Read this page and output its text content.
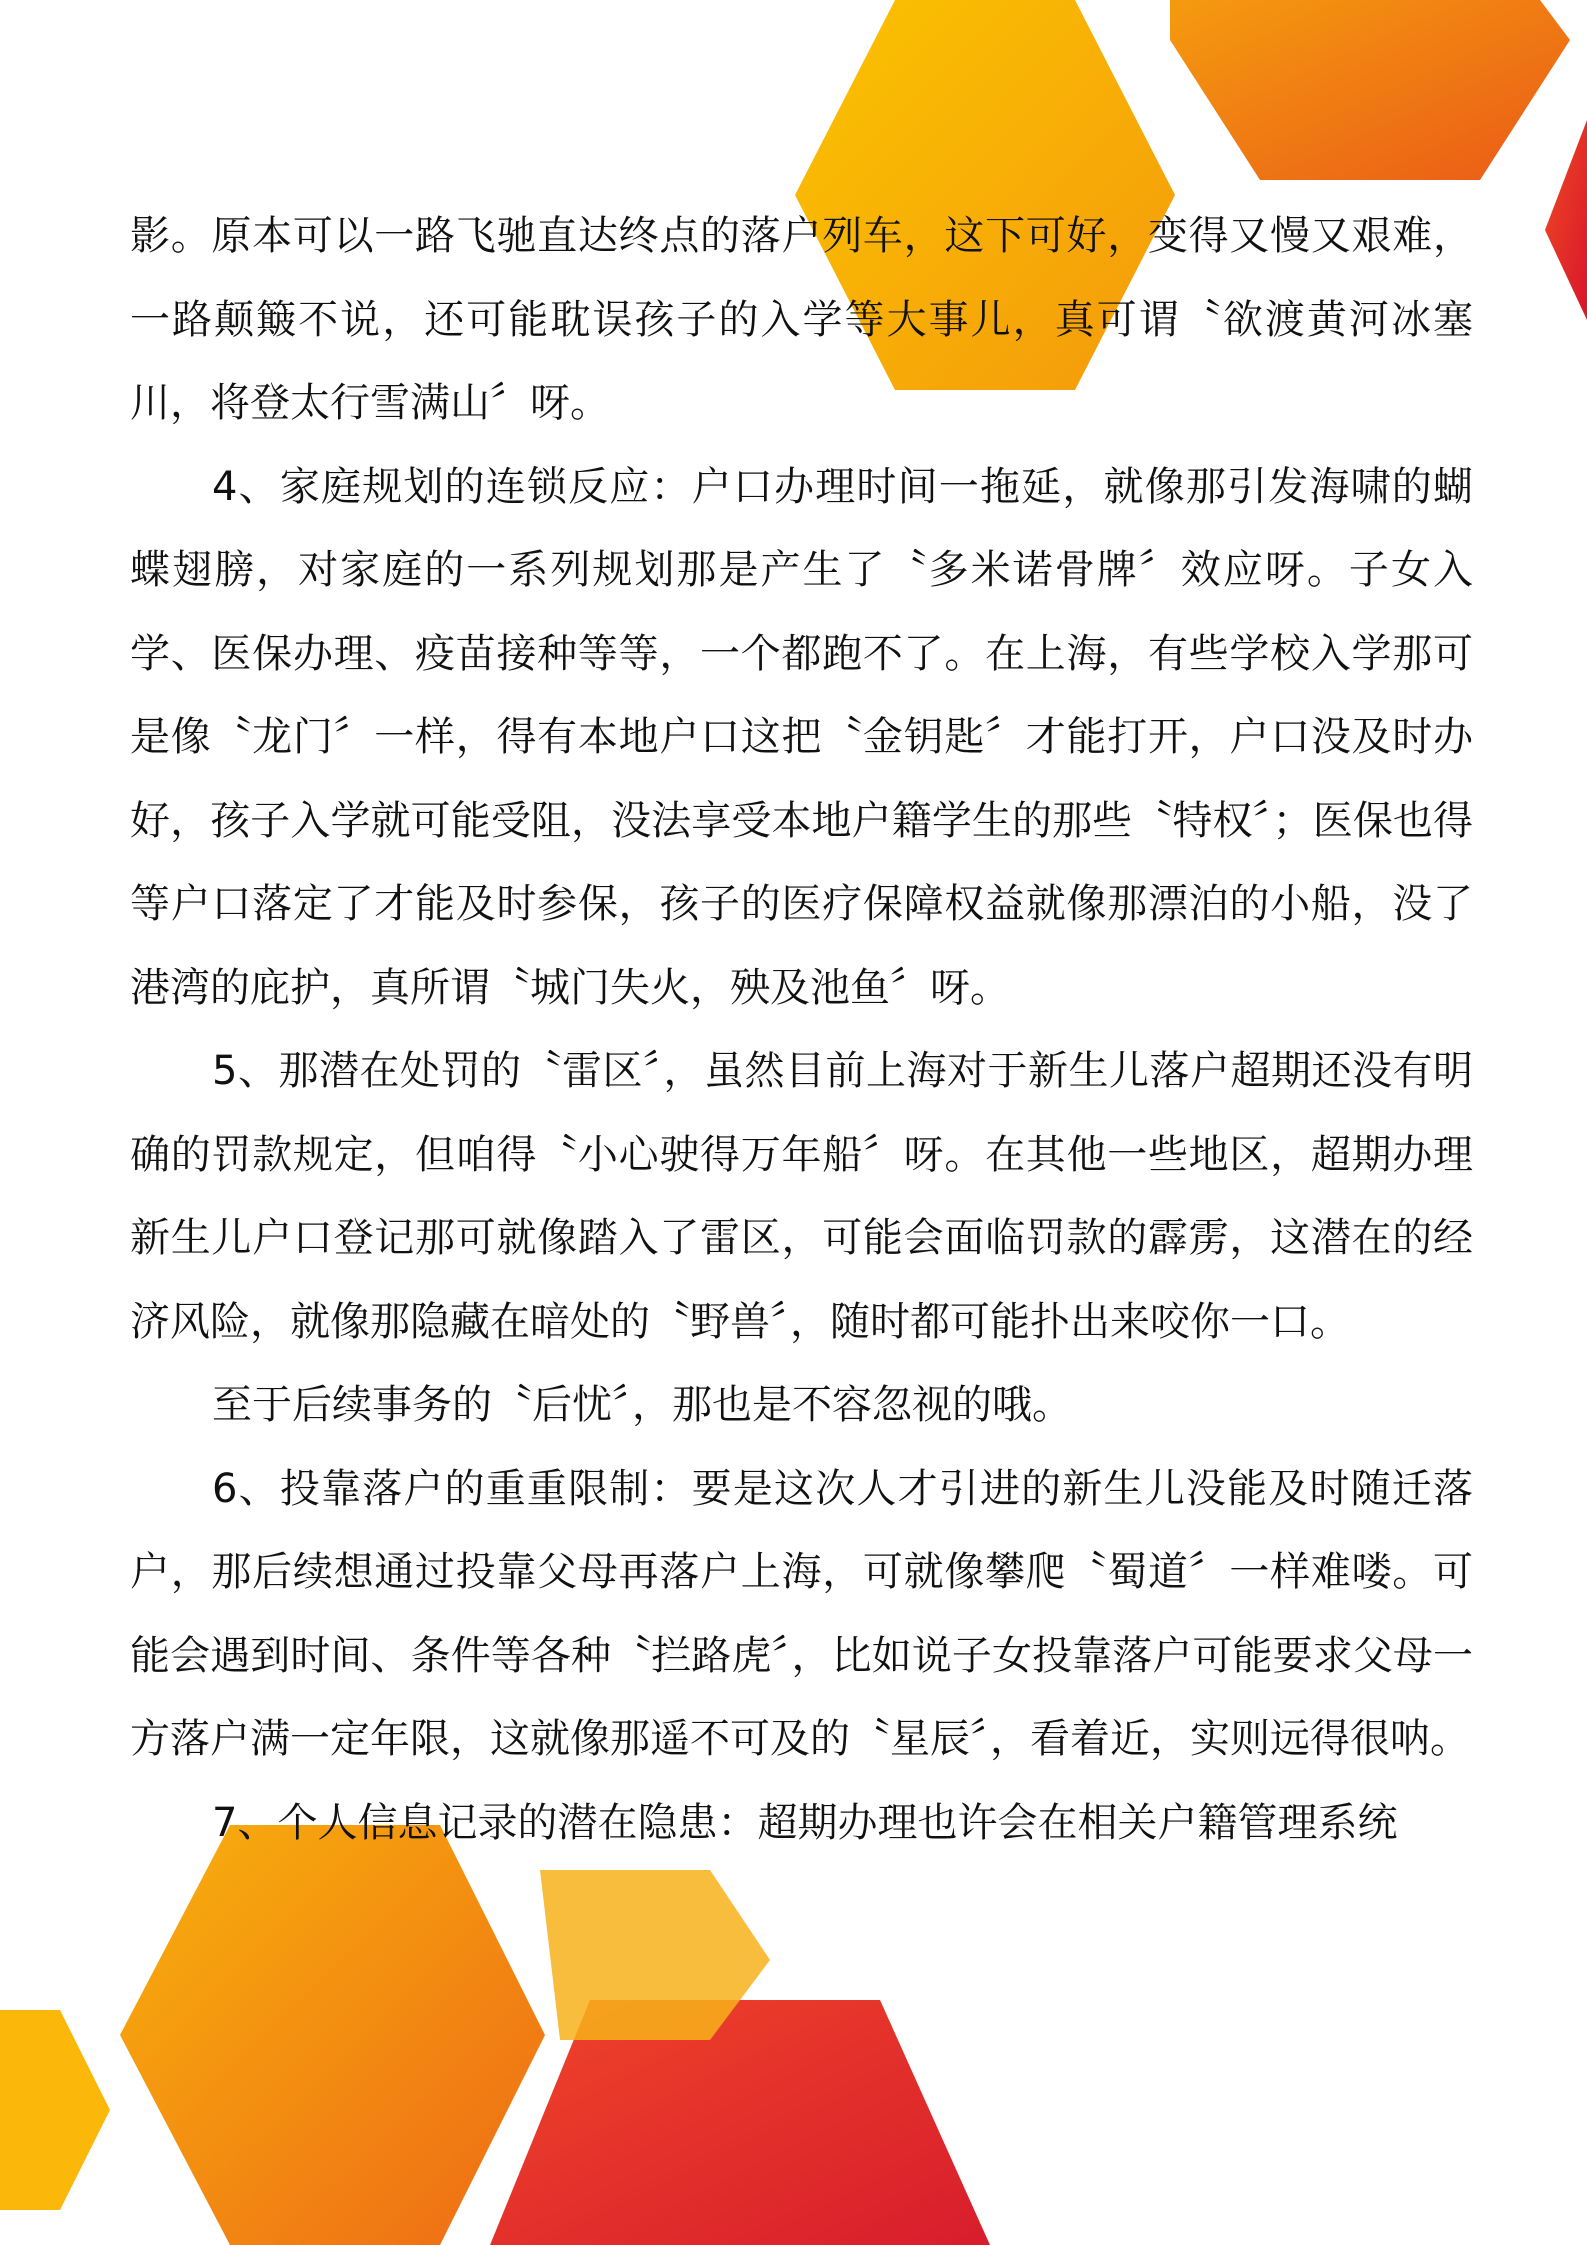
影。原本可以一路飞驰直达终点的落户列车，这下可好，变得又慢又艰难，一路颠簸不说，还可能耽误孩子的入学等大事儿，真可谓〝欲渡黄河冰塞川，将登太行雪满山〞呀。

4、家庭规划的连锁反应：户口办理时间一拖延，就像那引发海啸的蝴蝶翅膀，对家庭的一系列规划那是产生了〝多米诺骨牌〞效应呀。子女入学、医保办理、疫苗接种等等，一个都跑不了。在上海，有些学校入学那可是像〝龙门〞一样，得有本地户口这把〝金钥匙〞才能打开，户口没及时办好，孩子入学就可能受阻，没法享受本地户籍学生的那些〝特权〞；医保也得等户口落定了才能及时参保，孩子的医疗保障权益就像那漂泊的小船，没了港湾的庇护，真所谓〝城门失火，殃及池鱼〞呀。

5、那潜在处罚的〝雷区〞，虽然目前上海对于新生儿落户超期还没有明确的罚款规定，但咱得〝小心驶得万年船〞呀。在其他一些地区，超期办理新生儿户口登记那可就像踏入了雷区，可能会面临罚款的霹雳，这潜在的经济风险，就像那隐藏在暗处的〝野兽〞，随时都可能扑出来咬你一口。

至于后续事务的〝后忧〞，那也是不容忽视的哦。

6、投靠落户的重重限制：要是这次人才引进的新生儿没能及时随迁落户，那后续想通过投靠父母再落户上海，可就像攀爬〝蜀道〞一样难喽。可能会遇到时间、条件等各种〝拦路虎〞，比如说子女投靠落户可能要求父母一方落户满一定年限，这就像那遥不可及的〝星辰〞，看着近，实则远得很呐。

7、个人信息记录的潜在隐患：超期办理也许会在相关户籍管理系统
